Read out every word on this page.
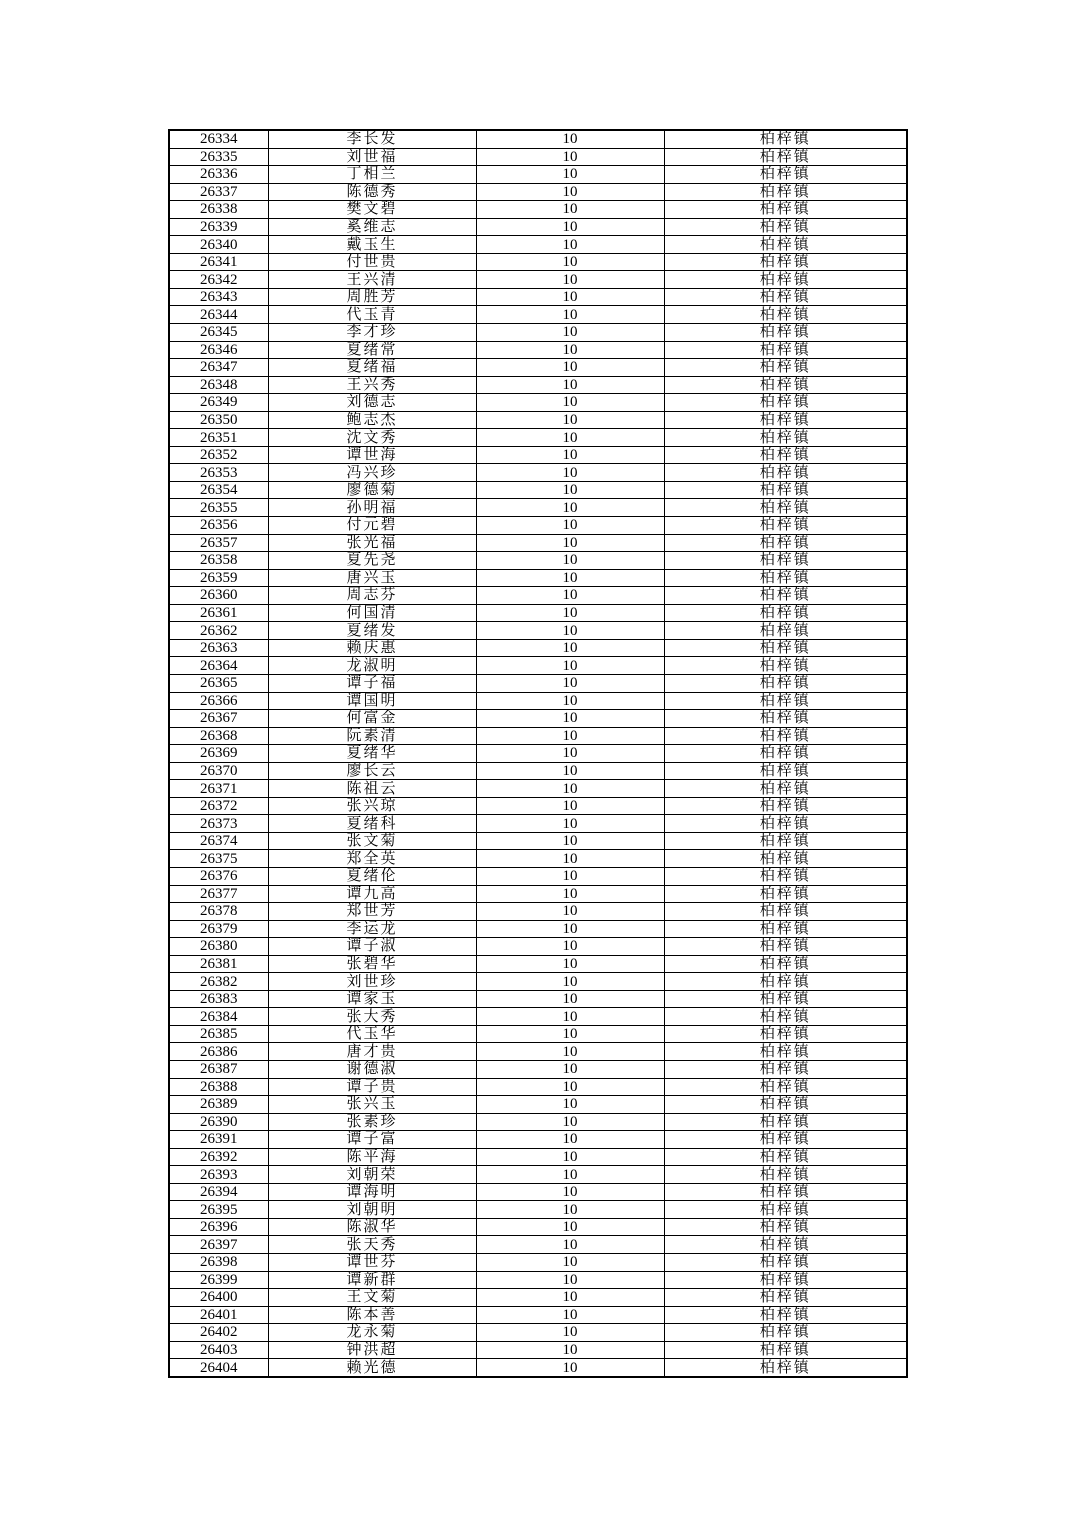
26334	李长发	10	柏梓镇
26335	刘世福	10	柏梓镇
26336	丁相兰	10	柏梓镇
26337	陈德秀	10	柏梓镇
26338	樊文碧	10	柏梓镇
26339	奚维志	10	柏梓镇
26340	戴玉生	10	柏梓镇
26341	付世贵	10	柏梓镇
26342	王兴清	10	柏梓镇
26343	周胜芳	10	柏梓镇
26344	代玉青	10	柏梓镇
26345	李才珍	10	柏梓镇
26346	夏绪常	10	柏梓镇
26347	夏绪福	10	柏梓镇
26348	王兴秀	10	柏梓镇
26349	刘德志	10	柏梓镇
26350	鲍志杰	10	柏梓镇
26351	沈文秀	10	柏梓镇
26352	谭世海	10	柏梓镇
26353	冯兴珍	10	柏梓镇
26354	廖德菊	10	柏梓镇
26355	孙明福	10	柏梓镇
26356	付元碧	10	柏梓镇
26357	张光福	10	柏梓镇
26358	夏先尧	10	柏梓镇
26359	唐兴玉	10	柏梓镇
26360	周志芬	10	柏梓镇
26361	何国清	10	柏梓镇
26362	夏绪发	10	柏梓镇
26363	赖庆惠	10	柏梓镇
26364	龙淑明	10	柏梓镇
26365	谭子福	10	柏梓镇
26366	谭国明	10	柏梓镇
26367	何富金	10	柏梓镇
26368	阮素清	10	柏梓镇
26369	夏绪华	10	柏梓镇
26370	廖长云	10	柏梓镇
26371	陈祖云	10	柏梓镇
26372	张兴琼	10	柏梓镇
26373	夏绪科	10	柏梓镇
26374	张文菊	10	柏梓镇
26375	郑全英	10	柏梓镇
26376	夏绪伦	10	柏梓镇
26377	谭九高	10	柏梓镇
26378	郑世芳	10	柏梓镇
26379	李运龙	10	柏梓镇
26380	谭子淑	10	柏梓镇
26381	张碧华	10	柏梓镇
26382	刘世珍	10	柏梓镇
26383	谭家玉	10	柏梓镇
26384	张大秀	10	柏梓镇
26385	代玉华	10	柏梓镇
26386	唐才贵	10	柏梓镇
26387	谢德淑	10	柏梓镇
26388	谭子贵	10	柏梓镇
26389	张兴玉	10	柏梓镇
26390	张素珍	10	柏梓镇
26391	谭子富	10	柏梓镇
26392	陈平海	10	柏梓镇
26393	刘朝荣	10	柏梓镇
26394	谭海明	10	柏梓镇
26395	刘朝明	10	柏梓镇
26396	陈淑华	10	柏梓镇
26397	张天秀	10	柏梓镇
26398	谭世芬	10	柏梓镇
26399	谭新群	10	柏梓镇
26400	王文菊	10	柏梓镇
26401	陈本善	10	柏梓镇
26402	龙永菊	10	柏梓镇
26403	钟洪超	10	柏梓镇
26404	赖光德	10	柏梓镇
